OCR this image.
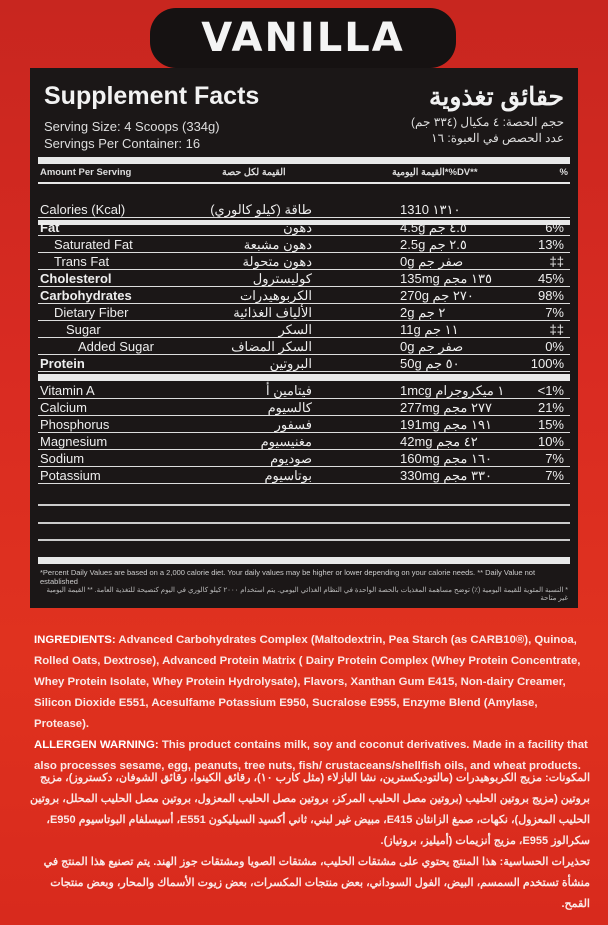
VANILLA
Supplement Facts	حقائق تغذوية
Serving Size: 4 Scoops (334g)
Servings Per Container: 16
حجم الحصة: ٤ مكيال (٣٣٤ جم)
عدد الحصص في العبوة: ١٦
Amount Per Serving	القيمة لكل حصة	القيمة اليومية*%DV**	%
Calories (Kcal)	طاقة (كيلو كالوري)	1310 ١٣١٠
Fat	دهون	4.5g ٤.٥ جم	6%
Saturated Fat	دهون مشبعة	2.5g ٢.٥ جم	13%
Trans Fat	دهون متحولة	0g صفر جم	‡‡
Cholesterol	كوليسترول	135mg ١٣٥ مجم	45%
Carbohydrates	الكربوهيدرات	270g ٢٧٠ جم	98%
Dietary Fiber	الألياف الغذائية	2g ٢ جم	7%
Sugar	السكر	11g ١١ جم	‡‡
Added Sugar	السكر المضاف	0g صفر جم	0%
Protein	البروتين	50g ٥٠ جم	100%
Vitamin A	فيتامين أ	1mcg ١ ميكروجرام	<1%
Calcium	كالسيوم	277mg ٢٧٧ مجم	21%
Phosphorus	فسفور	191mg ١٩١ مجم	15%
Magnesium	مغنيسيوم	42mg ٤٢ مجم	10%
Sodium	صوديوم	160mg ١٦٠ مجم	7%
Potassium	بوتاسيوم	330mg ٣٣٠ مجم	7%
*Percent Daily Values are based on a 2,000 calorie diet. Your daily values may be higher or lower depending on your calorie needs. ** Daily Value not established
* النسبة المئوية للقيمة اليومية (٪) توضح مساهمة المغذيات بالحصة الواحدة في النظام الغذائي اليومي. يتم استخدام ٢٠٠٠ كيلو كالوري في اليوم كنصيحة للتغذية العامة. ** القيمة اليومية غير متاحة
INGREDIENTS: Advanced Carbohydrates Complex (Maltodextrin, Pea Starch (as CARB10®), Quinoa, Rolled Oats, Dextrose), Advanced Protein Matrix ( Dairy Protein Complex (Whey Protein Concentrate, Whey Protein Isolate, Whey Protein Hydrolysate), Flavors, Xanthan Gum E415, Non-dairy Creamer, Silicon Dioxide E551, Acesulfame Potassium E950, Sucralose E955, Enzyme Blend (Amylase, Protease).
ALLERGEN WARNING: This product contains milk, soy and coconut derivatives. Made in a facility that also processes sesame, egg, peanuts, tree nuts, fish/ crustaceans/shellfish oils, and wheat products.
المكونات: مزيج الكربوهيدرات (مالتوديكسترين، نشا البازلاء (مثل كارب ١٠)، رقائق الكينوا، رقائق الشوفان، دكستروز)، مزيج بروتين (مزيج بروتين الحليب (بروتين مصل الحليب المركز، بروتين مصل الحليب المعزول، بروتين مصل الحليب المحلل، بروتين الحليب المعزول)، نكهات، صمغ الزانثان E415، مبيض غير لبني، ثاني أكسيد السيليكون E551، أسيسلفام البوتاسيوم E950، سكرالوز E955، مزيج أنزيمات (أميليز، بروتياز).
تحذيرات الحساسية: هذا المنتج يحتوي على مشتقات الحليب، مشتقات الصويا ومشتقات جوز الهند. يتم تصنيع هذا المنتج في منشأة تستخدم السمسم، البيض، الفول السوداني، بعض منتجات المكسرات، بعض زيوت الأسماك والمحار، وبعض منتجات القمح.
